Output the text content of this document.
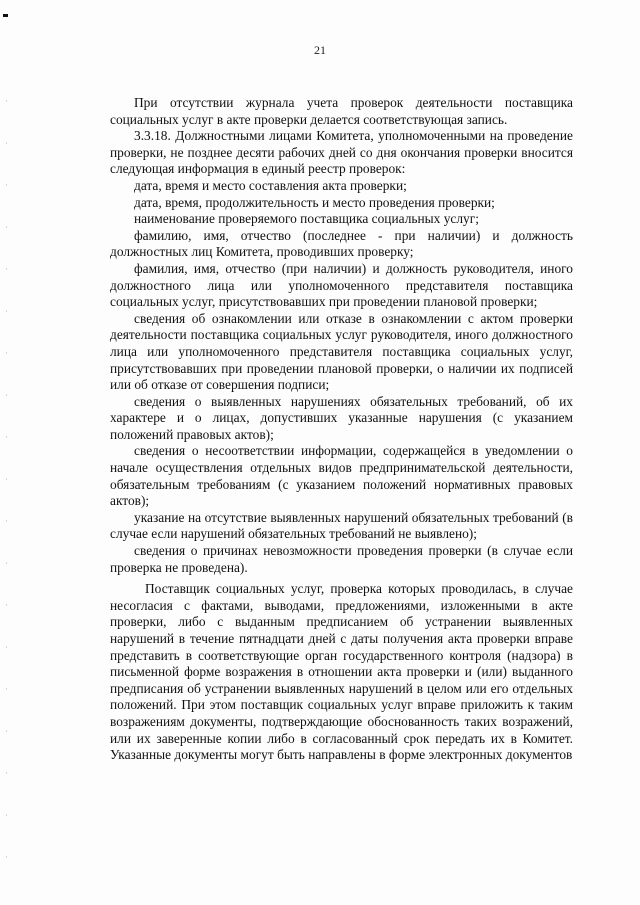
21

При отсутствии журнала учета проверок деятельности поставщика социальных услуг в акте проверки делается соответствующая запись.

3.3.18. Должностными лицами Комитета, уполномоченными на проведение проверки, не позднее десяти рабочих дней со дня окончания проверки вносится следующая информация в единый реестр проверок:

дата, время и место составления акта проверки;

дата, время, продолжительность и место проведения проверки;

наименование проверяемого поставщика социальных услуг;

фамилию, имя, отчество (последнее - при наличии) и должность должностных лиц Комитета, проводивших проверку;

фамилия, имя, отчество (при наличии) и должность руководителя, иного должностного лица или уполномоченного представителя поставщика социальных услуг, присутствовавших при проведении плановой проверки;

сведения об ознакомлении или отказе в ознакомлении с актом проверки деятельности поставщика социальных услуг руководителя, иного должностного лица или уполномоченного представителя поставщика социальных услуг, присутствовавших при проведении плановой проверки, о наличии их подписей или об отказе от совершения подписи;

сведения о выявленных нарушениях обязательных требований, об их характере и о лицах, допустивших указанные нарушения (с указанием положений правовых актов);

сведения о несоответствии информации, содержащейся в уведомлении о начале осуществления отдельных видов предпринимательской деятельности, обязательным требованиям (с указанием положений нормативных правовых актов);

указание на отсутствие выявленных нарушений обязательных требований (в случае если нарушений обязательных требований не выявлено);

сведения о причинах невозможности проведения проверки (в случае если проверка не проведена).

Поставщик социальных услуг, проверка которых проводилась, в случае несогласия с фактами, выводами, предложениями, изложенными в акте проверки, либо с выданным предписанием об устранении выявленных нарушений в течение пятнадцати дней с даты получения акта проверки вправе представить в соответствующие орган государственного контроля (надзора) в письменной форме возражения в отношении акта проверки и (или) выданного предписания об устранении выявленных нарушений в целом или его отдельных положений. При этом поставщик социальных услуг вправе приложить к таким возражениям документы, подтверждающие обоснованность таких возражений, или их заверенные копии либо в согласованный срок передать их в Комитет. Указанные документы могут быть направлены в форме электронных документов
